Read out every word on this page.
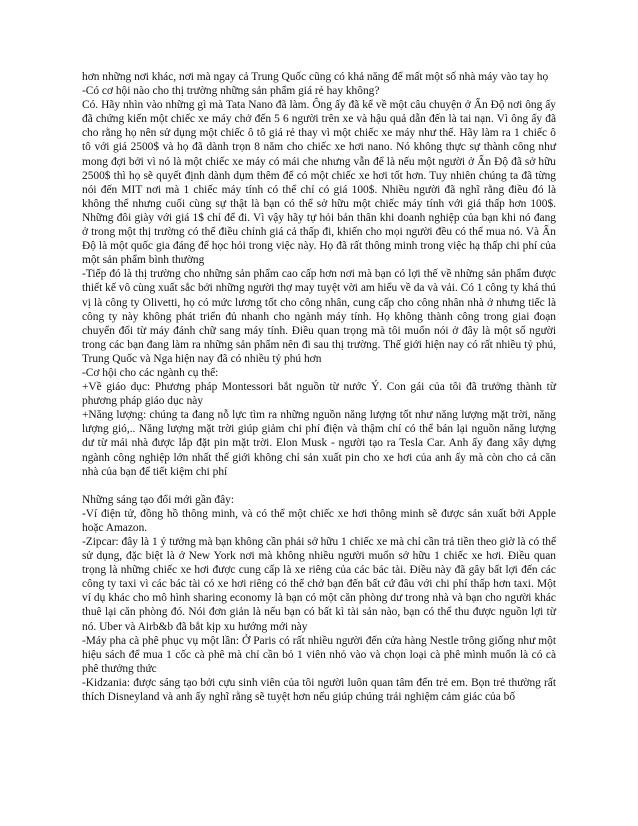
hơn những nơi khác, nơi mà ngay cả Trung Quốc cũng có khả năng để mất một số nhà máy vào tay họ

-Có cơ hội nào cho thị trường những sản phẩm giá rẻ hay không?

Có. Hãy nhìn vào những gì mà Tata Nano đã làm. Ông ấy đã kể về một câu chuyện ở Ấn Độ nơi ông ấy đã chứng kiến một chiếc xe máy chở đến 5 6 người trên xe và hậu quả dẫn đến là tai nạn. Vì ông ấy đã cho rằng họ nên sử dụng một chiếc ô tô giá rẻ thay vì một chiếc xe máy như thế. Hãy làm ra 1 chiếc ô tô với giá 2500$ và họ đã dành trọn 8 năm cho chiếc xe hơi nano. Nó không thực sự thành công như mong đợi bởi vì nó là một chiếc xe máy có mái che nhưng vẫn để là nếu một người ở Ấn Độ đã sở hữu 2500$ thì họ sẽ quyết định dành dụm thêm để có một chiếc xe hơi tốt hơn. Tuy nhiên chúng ta đã từng nói đến MIT nơi mà 1 chiếc máy tính có thể chỉ có giá 100$. Nhiều người đã nghĩ rằng điều đó là không thể nhưng cuối cùng sự thật là bạn có thể sở hữu một chiếc máy tính với giá thấp hơn 100$. Những đôi giày với giá 1$ chỉ để đi. Vì vậy hãy tự hỏi bản thân khi doanh nghiệp của bạn khi nó đang ở trong một thị trường có thể điều chỉnh giá cả thấp đi, khiến cho mọi người đều có thể mua nó. Và Ấn Độ là một quốc gia đáng để học hỏi trong việc này. Họ đã rất thông minh trong việc hạ thấp chi phí của một sản phẩm bình thường

-Tiếp đó là thị trường cho những sản phẩm cao cấp hơn nơi mà bạn có lợi thế về những sản phẩm được thiết kế vô cùng xuất sắc bởi những người thợ may tuyệt vời am hiểu về da và vải. Có 1 công ty khá thú vị là công ty Olivetti, họ có mức lương tốt cho công nhân, cung cấp cho công nhân nhà ở nhưng tiếc là công ty này không phát triển đủ nhanh cho ngành máy tính. Họ không thành công trong giai đoạn chuyển đổi từ máy đánh chữ sang máy tính. Điều quan trọng mà tôi muốn nói ở đây là một số người trong các bạn đang làm ra những sản phẩm nên đi sau thị trường. Thế giới hiện nay có rất nhiều tỷ phú, Trung Quốc và Nga hiện nay đã có nhiều tỷ phú hơn

-Cơ hội cho các ngành cụ thể:

+Về giáo dục: Phương pháp Montessori bắt nguồn từ nước Ý. Con gái của tôi đã trưởng thành từ phương pháp giáo dục này

+Năng lượng: chúng ta đang nỗ lực tìm ra những nguồn năng lượng tốt như năng lượng mặt trời, năng lượng gió,.. Năng lượng mặt trời giúp giảm chi phí điện và thậm chí có thể bán lại nguồn năng lượng dư từ mái nhà được lắp đặt pin mặt trời. Elon Musk - người tạo ra Tesla Car. Anh ấy đang xây dựng ngành công nghiệp lớn nhất thế giới không chỉ sản xuất pin cho xe hơi của anh ấy mà còn cho cả căn nhà của bạn để tiết kiệm chi phí

Những sáng tạo đổi mới gần đây:

-Ví điện tử, đồng hồ thông minh, và có thể một chiếc xe hơi thông minh sẽ được sản xuất bởi Apple hoặc Amazon.

-Zipcar: đây là 1 ý tưởng mà bạn không cần phải sở hữu 1 chiếc xe mà chỉ cần trả tiền theo giờ là có thể sử dụng, đặc biệt là ở New York nơi mà không nhiều người muốn sở hữu 1 chiếc xe hơi. Điều quan trọng là những chiếc xe hơi được cung cấp là xe riêng của các bác tài. Điều này đã gây bất lợi đến các công ty taxi vì các bác tài có xe hơi riêng có thể chở bạn đến bất cứ đâu với chi phí thấp hơn taxi. Một ví dụ khác cho mô hình sharing economy là bạn có một căn phòng dư trong nhà và bạn cho người khác thuê lại căn phòng đó. Nói đơn giản là nếu bạn có bất kì tài sản nào, bạn có thể thu được nguồn lợi từ nó. Uber và Airb&b đã bắt kịp xu hướng mới này

-Máy pha cà phê phục vụ một lần: Ở Paris có rất nhiều người đến cửa hàng Nestle trông giống như một hiệu sách để mua 1 cốc cà phê mà chỉ cần bỏ 1 viên nhỏ vào và chọn loại cà phê mình muốn là có cà phê thưởng thức

-Kidzania: được sáng tạo bởi cựu sinh viên của tôi người luôn quan tâm đến trẻ em. Bọn trẻ thường rất thích Disneyland và anh ấy nghĩ rằng sẽ tuyệt hơn nếu giúp chúng trải nghiệm cảm giác của bố
